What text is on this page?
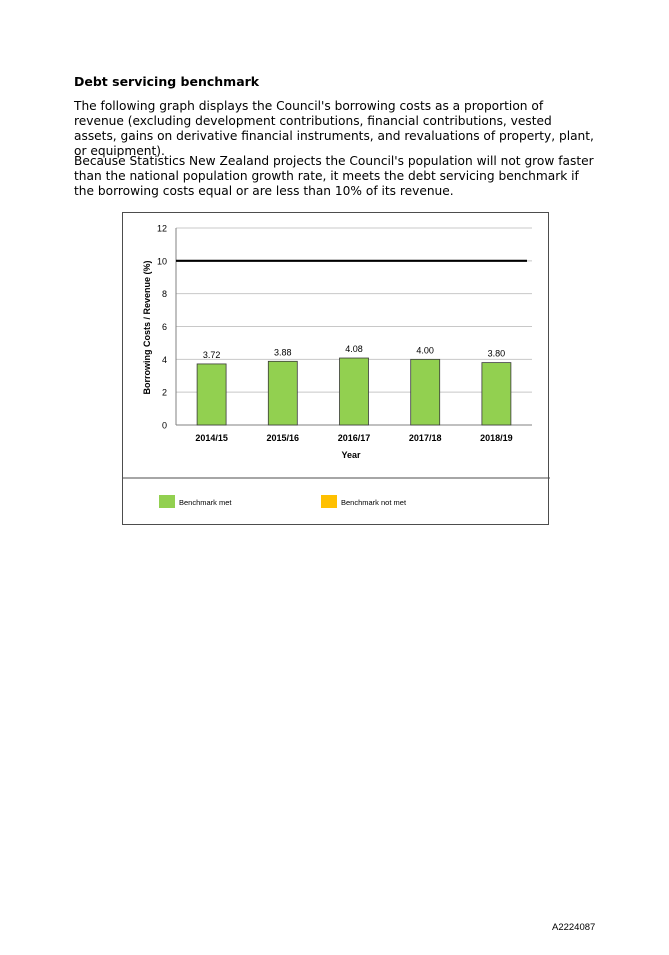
Debt servicing benchmark

The following graph displays the Council's borrowing costs as a proportion of revenue (excluding development contributions, financial contributions, vested assets, gains on derivative financial instruments, and revaluations of property, plant, or equipment).

Because Statistics New Zealand projects the Council's population will not grow faster than the national population growth rate, it meets the debt servicing benchmark if the borrowing costs equal or are less than 10% of its revenue.

0
2
4
6
8
10
12
3.72
2014/15
3.88
2015/16
4.08
2016/17
4.00
2017/18
3.80
2018/19
Year
Borrowing Costs / Revenue (%)
Benchmark met	Benchmark not met
A2224087
